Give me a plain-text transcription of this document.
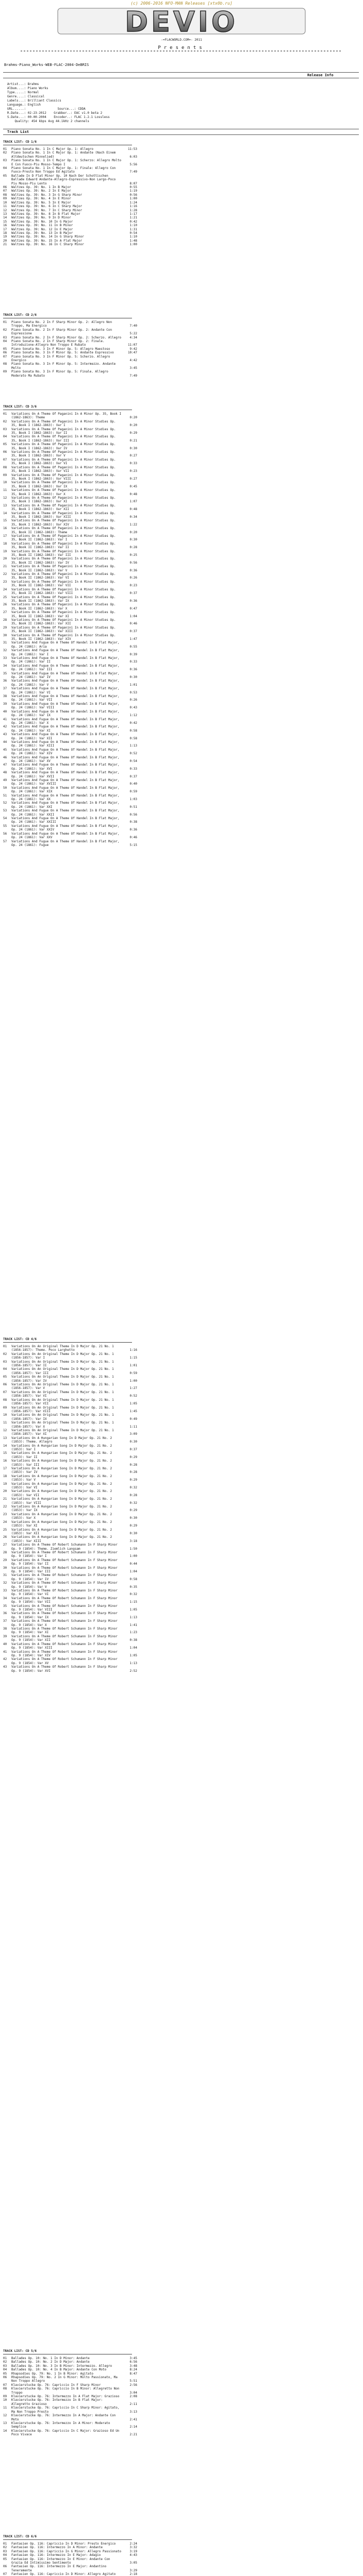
(c) 2006-2016 NFO-MAN Releases [xtx0b.ru]
DEVIO
-=FLACWORLD.COM=- 2011
Presents
Brahms-Piano_Works-WEB-FLAC-2004-DeBRIS
Release Info
Artist...: Brahms
Album....: Piano Works
Type.....: Normal
Genre....: Classical
Labels...: Brilliant Classics
Language.: English
URL......:                 Source...: CDDA
R.Date...: 02-23-2012    Grabber..: EAC v1.0 beta 2
S.Date...: 00-00-2004    Encoder..: FLAC 1.2.1 Lossless
Quality: 454 kbps Avg 44.1kHz 2 channels
Track List
TRACK LIST: CD 1/6
01	Piano Sonata No. 1 In C Major Op. 1: Allegro	11:53
02	Piano Sonata No. 1 In C Major Op. 1: Andante (Nach Einem Altdeutschen Minnelied)	6:03
03	Piano Sonata No. 1 In C Major Op. 1: Scherzo: Allegro Molto E Con Fuoco-Piu Mosso-Tempo I	5:56
04	Piano Sonata No. 1 In C Major Op. 1: Finale: Allegro Con Fuoco-Presto Non Troppo Ed Agitato	7:49
05	Ballade In D Flat Minor Op. 10 Nach Der Schottischen Ballade Edward Andante-Allegro-Espressivo-Non Largo-Poco Piu Mosso-Piu Lento	8:07
06	Waltzes Op. 39: No. 1 In B Major	0:55
07	Waltzes Op. 39: No. 2 In E Major	1:19
08	Waltzes Op. 39: No. 3 In G Sharp Minor	0:56
09	Waltzes Op. 39: No. 4 In E Minor	1:00
10	Waltzes Op. 39: No. 5 In E Major	1:24
11	Waltzes Op. 39: No. 6 In C Sharp Major	1:16
12	Waltzes Op. 39: No. 7 In C Sharp Minor	1:28
13	Waltzes Op. 39: No. 8 In B Flat Major	1:17
14	Waltzes Op. 39: No. 9 In D Minor	1:21
15	Waltzes Op. 39: No. 10 In G Major	0:42
16	Waltzes Op. 39: No. 11 In B Minor	1:10
17	Waltzes Op. 39: No. 12 In E Major	1:31
18	Waltzes Op. 39: No. 13 In B Major	0:54
19	Waltzes Op. 39: No. 14 In G Sharp Minor	1:10
20	Waltzes Op. 39: No. 15 In A Flat Major	1:48
21	Waltzes Op. 39: No. 16 In C Sharp Minor	1:00
TRACK LIST: CD 2/6
01	Piano Sonata No. 2 In F Sharp Minor Op. 2: Allegro Non Troppo, Ma Energico	7:40
02	Piano Sonata No. 2 In F Sharp Minor Op. 2: Andante Con Espressione	5:22
03	Piano Sonata No. 2 In F Sharp Minor Op. 2: Scherzo. Allegro	4:34
04	Piano Sonata No. 2 In F Sharp Minor Op. 2: Finale. Introduzione-Allegro Non Troppo E Rubato	11:07
05	Piano Sonata No. 3 In F Minor Op. 5: Allegro Maestoso	9:42
06	Piano Sonata No. 3 In F Minor Op. 5: Andante Espressivo	10:47
07	Piano Sonata No. 3 In F Minor Op. 5: Scherzo. Allegro Energico	4:42
08	Piano Sonata No. 3 In F Minor Op. 5: Intermezzo. Andante Molto	3:45
09	Piano Sonata No. 3 In F Minor Op. 5: Finale. Allegro Moderato Ma Rubato	7:49
TRACK LIST: CD 3/6
01	Variations On A Theme Of Paganini In A Minor Op. 35, Book I (1862-1863): Theme	0:20
02	Variations On A Theme Of Paganini In A Minor Studies Op. 35, Book I (1862-1863): Var I	0:20
03	Variations On A Theme Of Paganini In A Minor Studies Op. 35, Book I (1862-1863): Var II	0:29
04	Variations On A Theme Of Paganini In A Minor Studies Op. 35, Book I (1862-1863): Var III	0:21
05	Variations On A Theme Of Paganini In A Minor Studies Op. 35, Book I (1862-1863): Var IV	0:30
06	Variations On A Theme Of Paganini In A Minor Studies Op. 35, Book I (1862-1863): Var V	0:27
07	Variations On A Theme Of Paganini In A Minor Studies Op. 35, Book I (1862-1863): Var VI	0:33
08	Variations On A Theme Of Paganini In A Minor Studies Op. 35, Book I (1862-1863): Var VII	0:23
09	Variations On A Theme Of Paganini In A Minor Studies Op. 35, Book I (1862-1863): Var VIII	0:27
10	Variations On A Theme Of Paganini In A Minor Studies Op. 35, Book I (1862-1863): Var IX	0:45
11	Variations On A Theme Of Paganini In A Minor Studies Op. 35, Book I (1862-1863): Var X	0:48
12	Variations On A Theme Of Paganini In A Minor Studies Op. 35, Book I (1862-1863): Var XI	1:07
13	Variations On A Theme Of Paganini In A Minor Studies Op. 35, Book I (1862-1863): Var XII	0:48
14	Variations On A Theme Of Paganini In A Minor Studies Op. 35, Book I (1862-1863): Var XIII	0:34
15	Variations On A Theme Of Paganini In A Minor Studies Op. 35, Book I (1862-1863): Var XIV	1:22
16	Variations On A Theme Of Paganini In A Minor Studies Op. 35, Book II (1862-1863): Theme	0:20
17	Variations On A Theme Of Paganini In A Minor Studies Op. 35, Book II (1862-1863): Var I	0:30
18	Variations On A Theme Of Paganini In A Minor Studies Op. 35, Book II (1862-1863): Var II	0:28
19	Variations On A Theme Of Paganini In A Minor Studies Op. 35, Book II (1862-1863): Var III	0:25
20	Variations On A Theme Of Paganini In A Minor Studies Op. 35, Book II (1862-1863): Var IV	0:56
21	Variations On A Theme Of Paganini In A Minor Studies Op. 35, Book II (1862-1863): Var V	0:36
22	Variations On A Theme Of Paganini In A Minor Studies Op. 35, Book II (1862-1863): Var VI	0:26
23	Variations On A Theme Of Paganini In A Minor Studies Op. 35, Book II (1862-1863): Var VII	0:23
24	Variations On A Theme Of Paganini In A Minor Studies Op. 35, Book II (1862-1863): Var VIII	0:37
25	Variations On A Theme Of Paganini In A Minor Studies Op. 35, Book II (1862-1863): Var IX	0:36
26	Variations On A Theme Of Paganini In A Minor Studies Op. 35, Book II (1862-1863): Var X	0:47
27	Variations On A Theme Of Paganini In A Minor Studies Op. 35, Book II (1862-1863): Var XI	1:04
28	Variations On A Theme Of Paganini In A Minor Studies Op. 35, Book II (1862-1863): Var XII	0:46
29	Variations On A Theme Of Paganini In A Minor Studies Op. 35, Book II (1862-1863): Var XIII	0:37
30	Variations On A Theme Of Paganini In A Minor Studies Op. 35, Book II (1862-1863): Var XIV	1:47
31	Variations And Fugue On A Theme Of Handel In B Flat Major, Op. 24 (1861): Aria	0:55
32	Variations And Fugue On A Theme Of Handel In B Flat Major, Op. 24 (1861): Var I	0:39
33	Variations And Fugue On A Theme Of Handel In B Flat Major, Op. 24 (1861): Var II	0:33
34	Variations And Fugue On A Theme Of Handel In B Flat Major, Op. 24 (1861): Var III	0:36
35	Variations And Fugue On A Theme Of Handel In B Flat Major, Op. 24 (1861): Var IV	0:30
36	Variations And Fugue On A Theme Of Handel In B Flat Major, Op. 24 (1861): Var V	1:01
37	Variations And Fugue On A Theme Of Handel In B Flat Major, Op. 24 (1861): Var VI	0:53
38	Variations And Fugue On A Theme Of Handel In B Flat Major, Op. 24 (1861): Var VII	0:26
39	Variations And Fugue On A Theme Of Handel In B Flat Major, Op. 24 (1861): Var VIII	0:43
40	Variations And Fugue On A Theme Of Handel In B Flat Major, Op. 24 (1861): Var IX	1:12
41	Variations And Fugue On A Theme Of Handel In B Flat Major, Op. 24 (1861): Var X	0:42
42	Variations And Fugue On A Theme Of Handel In B Flat Major, Op. 24 (1861): Var XI	0:58
43	Variations And Fugue On A Theme Of Handel In B Flat Major, Op. 24 (1861): Var XII	0:58
44	Variations And Fugue On A Theme Of Handel In B Flat Major, Op. 24 (1861): Var XIII	1:13
45	Variations And Fugue On A Theme Of Handel In B Flat Major, Op. 24 (1861): Var XIV	0:52
46	Variations And Fugue On A Theme Of Handel In B Flat Major, Op. 24 (1861): Var XV	0:54
47	Variations And Fugue On A Theme Of Handel In B Flat Major, Op. 24 (1861): Var XVI	0:33
48	Variations And Fugue On A Theme Of Handel In B Flat Major, Op. 24 (1861): Var XVII	0:37
49	Variations And Fugue On A Theme Of Handel In B Flat Major, Op. 24 (1861): Var XVIII	0:40
50	Variations And Fugue On A Theme Of Handel In B Flat Major, Op. 24 (1861): Var XIX	0:59
51	Variations And Fugue On A Theme Of Handel In B Flat Major, Op. 24 (1861): Var XX	1:03
52	Variations And Fugue On A Theme Of Handel In B Flat Major, Op. 24 (1861): Var XXI	0:51
53	Variations And Fugue On A Theme Of Handel In B Flat Major, Op. 24 (1861): Var XXII	0:56
54	Variations And Fugue On A Theme Of Handel In B Flat Major, Op. 24 (1861): Var XXIII	0:38
55	Variations And Fugue On A Theme Of Handel In B Flat Major, Op. 24 (1861): Var XXIV	0:36
56	Variations And Fugue On A Theme Of Handel In B Flat Major, Op. 24 (1861): Var XXV	0:46
57	Variations And Fugue On A Theme Of Handel In B Flat Major, Op. 24 (1861): Fugue	5:15
TRACK LIST: CD 4/6
01	Variations On An Original Theme In D Major Op. 21 No. 1 (1856-1857): Theme. Poco Larghetto	1:16
02	Variations On An Original Theme In D Major Op. 21 No. 1 (1856-1857): Var I	1:15
03	Variations On An Original Theme In D Major Op. 21 No. 1 (1856-1857): Var II	1:01
04	Variations On An Original Theme In D Major Op. 21 No. 1 (1856-1857): Var III	0:59
05	Variations On An Original Theme In D Major Op. 21 No. 1 (1856-1857): Var IV	1:00
06	Variations On An Original Theme In D Major Op. 21 No. 1 (1856-1857): Var V	1:27
07	Variations On An Original Theme In D Major Op. 21 No. 1 (1856-1857): Var VI	0:52
08	Variations On An Original Theme In D Major Op. 21 No. 1 (1856-1857): Var VII	1:05
09	Variations On An Original Theme In D Major Op. 21 No. 1 (1856-1857): Var VIII	1:45
10	Variations On An Original Theme In D Major Op. 21 No. 1 (1856-1857): Var IX	0:49
11	Variations On An Original Theme In D Major Op. 21 No. 1 (1856-1857): Var X	1:11
12	Variations On An Original Theme In D Major Op. 21 No. 1 (1856-1857): Var XI	3:09
13	Variations On A Hungarian Song In D Major Op. 21 No. 2 (1853): Theme. Allegro	0:30
14	Variations On A Hungarian Song In D Major Op. 21 No. 2 (1853): Var I	0:37
15	Variations On A Hungarian Song In D Major Op. 21 No. 2 (1853): Var II	0:29
16	Variations On A Hungarian Song In D Major Op. 21 No. 2 (1853): Var III	0:28
17	Variations On A Hungarian Song In D Major Op. 21 No. 2 (1853): Var IV	0:28
18	Variations On A Hungarian Song In D Major Op. 21 No. 2 (1853): Var V	0:29
19	Variations On A Hungarian Song In D Major Op. 21 No. 2 (1853): Var VI	0:32
20	Variations On A Hungarian Song In D Major Op. 21 No. 2 (1853): Var VII	0:28
21	Variations On A Hungarian Song In D Major Op. 21 No. 2 (1853): Var VIII	0:32
22	Variations On A Hungarian Song In D Major Op. 21 No. 2 (1853): Var IX	0:29
23	Variations On A Hungarian Song In D Major Op. 21 No. 2 (1853): Var X	0:30
24	Variations On A Hungarian Song In D Major Op. 21 No. 2 (1853): Var XI	0:29
25	Variations On A Hungarian Song In D Major Op. 21 No. 2 (1853): Var XII	0:30
26	Variations On A Hungarian Song In D Major Op. 21 No. 2 (1853): Var XIII	3:18
27	Variations On A Theme Of Robert Schumann In F Sharp Minor Op. 9 (1854): Theme. Ziemlich Langsam	1:50
28	Variations On A Theme Of Robert Schumann In F Sharp Minor Op. 9 (1854): Var I	1:00
29	Variations On A Theme Of Robert Schumann In F Sharp Minor Op. 9 (1854): Var II	0:44
30	Variations On A Theme Of Robert Schumann In F Sharp Minor Op. 9 (1854): Var III	1:04
31	Variations On A Theme Of Robert Schumann In F Sharp Minor Op. 9 (1854): Var IV	0:58
32	Variations On A Theme Of Robert Schumann In F Sharp Minor Op. 9 (1854): Var V	0:35
33	Variations On A Theme Of Robert Schumann In F Sharp Minor Op. 9 (1854): Var VI	0:32
34	Variations On A Theme Of Robert Schumann In F Sharp Minor Op. 9 (1854): Var VII	1:15
35	Variations On A Theme Of Robert Schumann In F Sharp Minor Op. 9 (1854): Var VIII	1:05
36	Variations On A Theme Of Robert Schumann In F Sharp Minor Op. 9 (1854): Var IX	1:13
37	Variations On A Theme Of Robert Schumann In F Sharp Minor Op. 9 (1854): Var X	1:41
38	Variations On A Theme Of Robert Schumann In F Sharp Minor Op. 9 (1854): Var XI	1:23
39	Variations On A Theme Of Robert Schumann In F Sharp Minor Op. 9 (1854): Var XII	0:38
40	Variations On A Theme Of Robert Schumann In F Sharp Minor Op. 9 (1854): Var XIII	1:04
41	Variations On A Theme Of Robert Schumann In F Sharp Minor Op. 9 (1854): Var XIV	1:05
42	Variations On A Theme Of Robert Schumann In F Sharp Minor Op. 9 (1854): Var XV	1:13
43	Variations On A Theme Of Robert Schumann In F Sharp Minor Op. 9 (1854): Var XVI	2:52
TRACK LIST: CD 5/6
01	Ballades Op. 10: No. 1 In D Minor: Andante	3:45
02	Ballades Op. 10: No. 2 In D Major: Andante	6:56
03	Ballades Op. 10: No. 3 In B Minor: Intermezzo. Allegro	3:48
04	Ballades Op. 10: No. 4 In B Major: Andante Con Moto	8:24
05	Rhapsodies Op. 79: No. 1 In B Minor: Agitato	8:47
06	Rhapsodies Op. 79: No. 2 In G Minor: Molto Passionato, Ma Non Troppo Allegro	5:51
07	Klavierstucke Op. 76: Capriccio In F Sharp Minor	2:56
08	Klavierstucke Op. 76: Capriccio In B Minor: Allegretto Non Troppo	3:04
09	Klavierstucke Op. 76: Intermezzo In A Flat Major: Grazioso	2:08
10	Klavierstucke Op. 76: Intermezzo In B Flat Major: Allegretto Grazioso	2:11
11	Klavierstucke Op. 76: Capriccio In C Sharp Minor: Agitato, Ma Non Troppo Presto	3:13
12	Klavierstucke Op. 76: Intermezzo In A Major: Andante Con Moto	2:41
13	Klavierstucke Op. 76: Intermezzo In A Minor: Moderato Semplice	2:14
14	Klavierstucke Op. 76: Capriccio In C Major: Grazioso Ed Un Poco Vivace	2:21
TRACK LIST: CD 6/6
01	Fantasien Op. 116: Capriccio In D Minor: Presto Energico	2:24
02	Fantasien Op. 116: Intermezzo In A Minor: Andante	3:32
03	Fantasien Op. 116: Capriccio In G Minor: Allegro Passionato	3:19
04	Fantasien Op. 116: Intermezzo In E Major: Adagio	4:43
05	Fantasien Op. 116: Intermezzo In E Minor: Andante Con Grazia Ed Intimissimo Sentimento	3:05
06	Fantasien Op. 116: Intermezzo In E Major: Andantino Teneramente	3:29
07	Fantasien Op. 116: Capriccio In D Minor: Allegro Agitato	2:18
